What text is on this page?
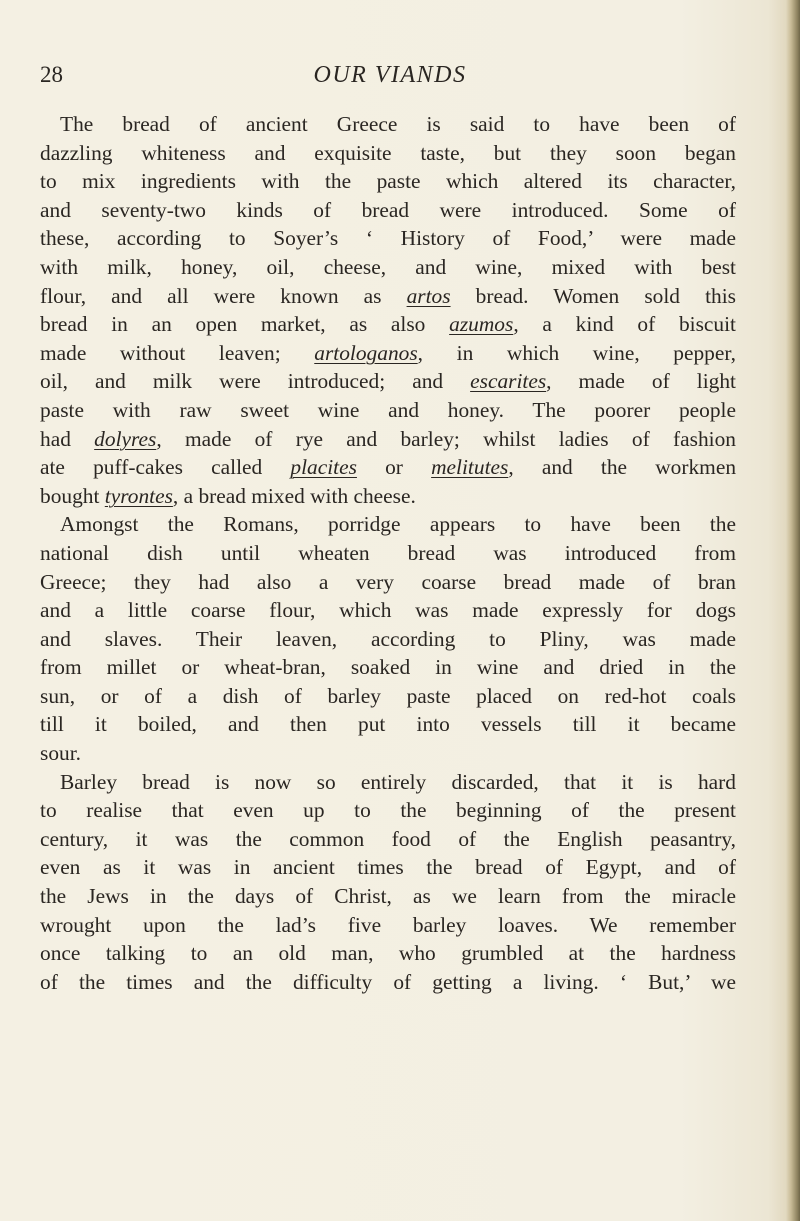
28	OUR VIANDS
The bread of ancient Greece is said to have been of
dazzling whiteness and exquisite taste, but they soon began
to mix ingredients with the paste which altered its character,
and seventy-two kinds of bread were introduced. Some of
these, according to Soyer’s ‘ History of Food,’ were made
with milk, honey, oil, cheese, and wine, mixed with best
flour, and all were known as artos bread. Women sold this
bread in an open market, as also azumos, a kind of biscuit
made without leaven; artologanos, in which wine, pepper,
oil, and milk were introduced; and escarites, made of light
paste with raw sweet wine and honey. The poorer people
had dolyres, made of rye and barley; whilst ladies of fashion
ate puff-cakes called placites or melitutes, and the workmen
bought tyrontes, a bread mixed with cheese.
Amongst the Romans, porridge appears to have been the
national dish until wheaten bread was introduced from
Greece; they had also a very coarse bread made of bran
and a little coarse flour, which was made expressly for dogs
and slaves. Their leaven, according to Pliny, was made
from millet or wheat-bran, soaked in wine and dried in the
sun, or of a dish of barley paste placed on red-hot coals
till it boiled, and then put into vessels till it became
sour.
Barley bread is now so entirely discarded, that it is hard
to realise that even up to the beginning of the present
century, it was the common food of the English peasantry,
even as it was in ancient times the bread of Egypt, and of
the Jews in the days of Christ, as we learn from the miracle
wrought upon the lad’s five barley loaves. We remember
once talking to an old man, who grumbled at the hardness
of the times and the difficulty of getting a living. ‘ But,’ we
